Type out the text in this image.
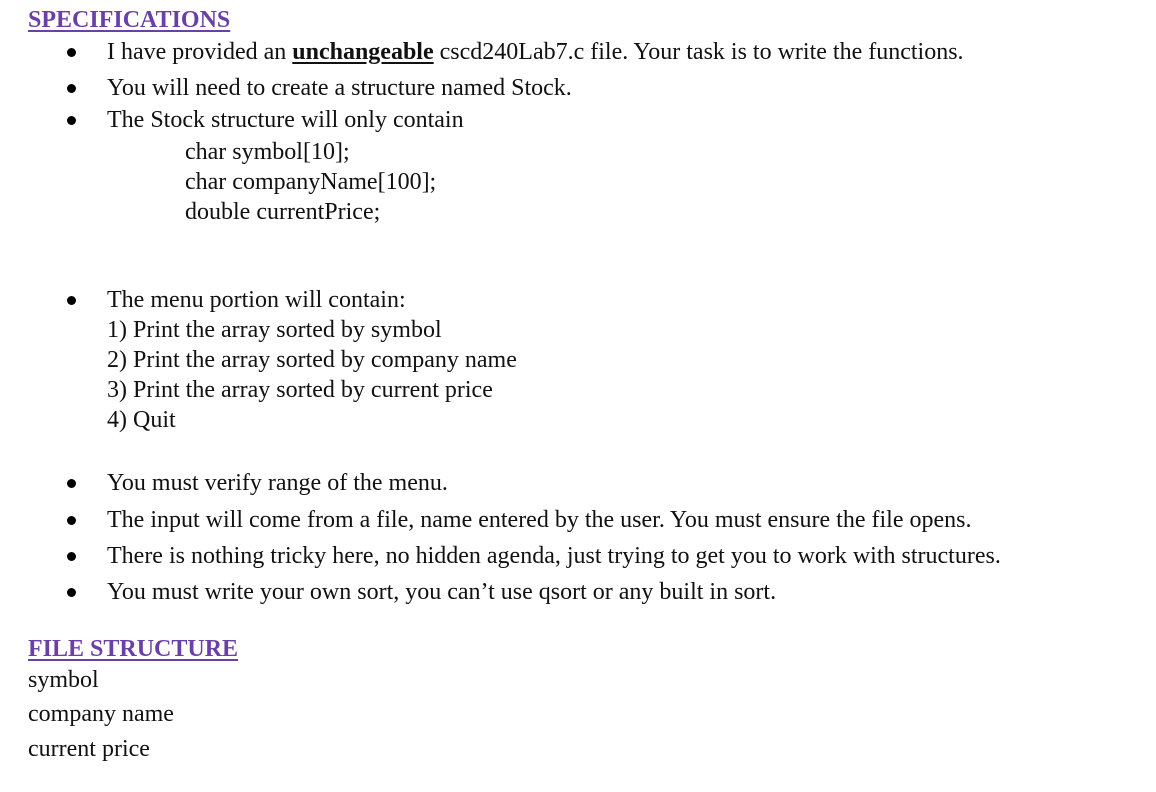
SPECIFICATIONS
I have provided an unchangeable cscd240Lab7.c file. Your task is to write the functions.
You will need to create a structure named Stock.
The Stock structure will only contain
char symbol[10];
char companyName[100];
double currentPrice;
The menu portion will contain:
1) Print the array sorted by symbol
2) Print the array sorted by company name
3) Print the array sorted by current price
4) Quit
You must verify range of the menu.
The input will come from a file, name entered by the user. You must ensure the file opens.
There is nothing tricky here, no hidden agenda, just trying to get you to work with structures.
You must write your own sort, you can’t use qsort or any built in sort.
FILE STRUCTURE
symbol
company name
current price
